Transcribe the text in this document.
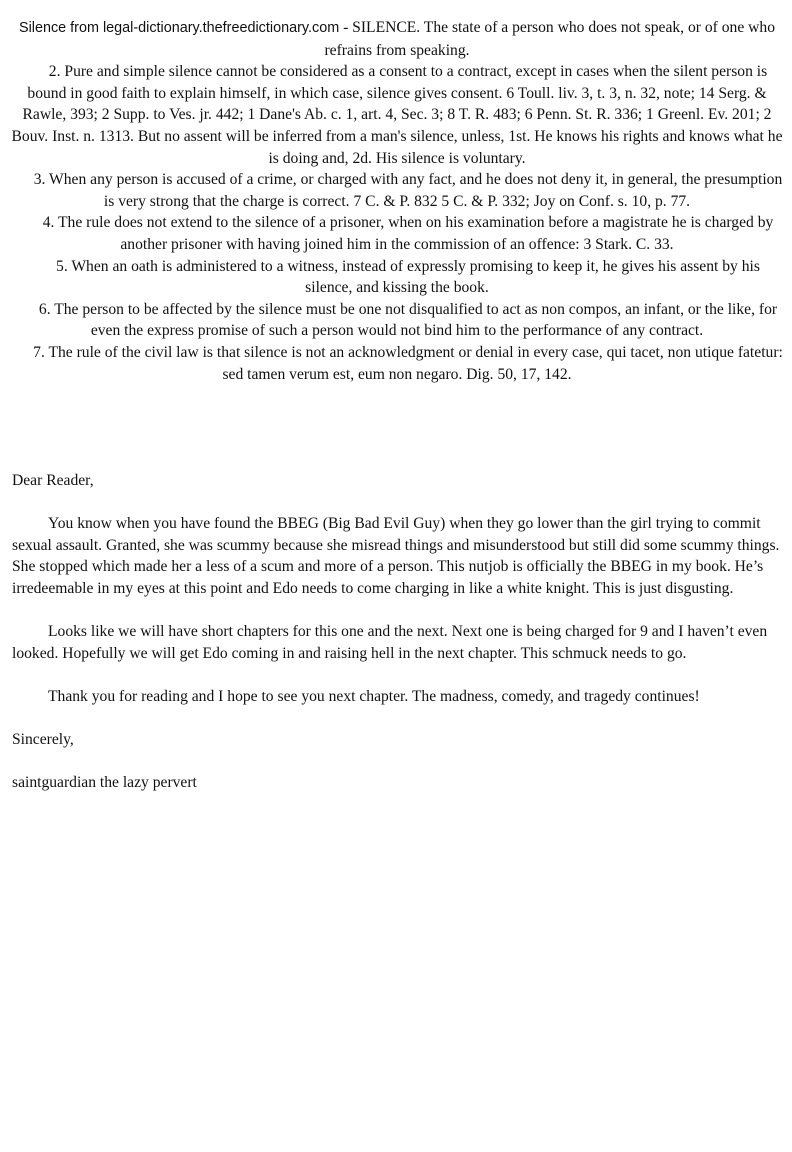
Silence from legal-dictionary.thefreedictionary.com - SILENCE. The state of a person who does not speak, or of one who refrains from speaking.

2. Pure and simple silence cannot be considered as a consent to a contract, except in cases when the silent person is bound in good faith to explain himself, in which case, silence gives consent. 6 Toull. liv. 3, t. 3, n. 32, note; 14 Serg. & Rawle, 393; 2 Supp. to Ves. jr. 442; 1 Dane's Ab. c. 1, art. 4, Sec. 3; 8 T. R. 483; 6 Penn. St. R. 336; 1 Greenl. Ev. 201; 2 Bouv. Inst. n. 1313. But no assent will be inferred from a man's silence, unless, 1st. He knows his rights and knows what he is doing and, 2d. His silence is voluntary.

3. When any person is accused of a crime, or charged with any fact, and he does not deny it, in general, the presumption is very strong that the charge is correct. 7 C. & P. 832 5 C. & P. 332; Joy on Conf. s. 10, p. 77.

4. The rule does not extend to the silence of a prisoner, when on his examination before a magistrate he is charged by another prisoner with having joined him in the commission of an offence: 3 Stark. C. 33.

5. When an oath is administered to a witness, instead of expressly promising to keep it, he gives his assent by his silence, and kissing the book.

6. The person to be affected by the silence must be one not disqualified to act as non compos, an infant, or the like, for even the express promise of such a person would not bind him to the performance of any contract.

7. The rule of the civil law is that silence is not an acknowledgment or denial in every case, qui tacet, non utique fatetur: sed tamen verum est, eum non negaro. Dig. 50, 17, 142.

Dear Reader,

You know when you have found the BBEG (Big Bad Evil Guy) when they go lower than the girl trying to commit sexual assault. Granted, she was scummy because she misread things and misunderstood but still did some scummy things. She stopped which made her a less of a scum and more of a person. This nutjob is officially the BBEG in my book. He’s irredeemable in my eyes at this point and Edo needs to come charging in like a white knight. This is just disgusting.

Looks like we will have short chapters for this one and the next. Next one is being charged for 9 and I haven’t even looked. Hopefully we will get Edo coming in and raising hell in the next chapter. This schmuck needs to go.

Thank you for reading and I hope to see you next chapter. The madness, comedy, and tragedy continues!

Sincerely,

saintguardian the lazy pervert
